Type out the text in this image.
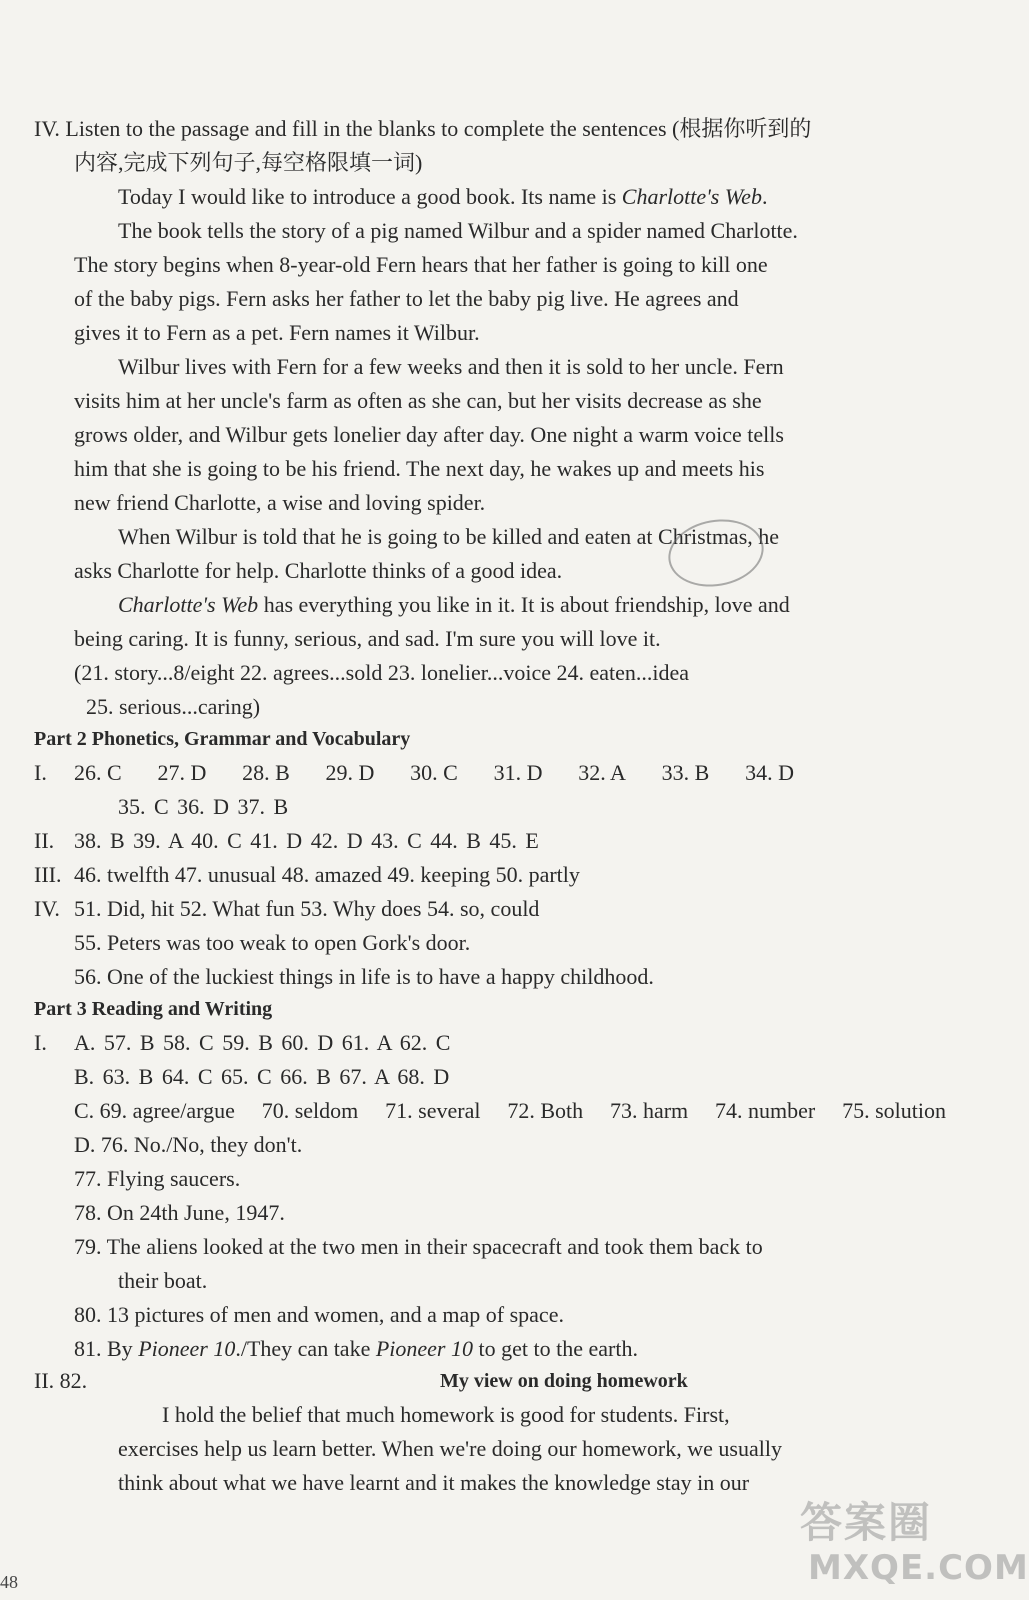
IV. Listen to the passage and fill in the blanks to complete the sentences (根据你听到的
内容,完成下列句子,每空格限填一词)
Today I would like to introduce a good book. Its name is Charlotte's Web.
The book tells the story of a pig named Wilbur and a spider named Charlotte.
The story begins when 8-year-old Fern hears that her father is going to kill one
of the baby pigs. Fern asks her father to let the baby pig live. He agrees and
gives it to Fern as a pet. Fern names it Wilbur.
Wilbur lives with Fern for a few weeks and then it is sold to her uncle. Fern
visits him at her uncle's farm as often as she can, but her visits decrease as she
grows older, and Wilbur gets lonelier day after day. One night a warm voice tells
him that she is going to be his friend. The next day, he wakes up and meets his
new friend Charlotte, a wise and loving spider.
When Wilbur is told that he is going to be killed and eaten at Christmas, he
asks Charlotte for help. Charlotte thinks of a good idea.
Charlotte's Web has everything you like in it. It is about friendship, love and
being caring. It is funny, serious, and sad. I'm sure you will love it.
(21. story...8/eight 22. agrees...sold 23. lonelier...voice 24. eaten...idea
25. serious...caring)
Part 2 Phonetics, Grammar and Vocabulary
I. 26. C 27. D 28. B 29. D 30. C 31. D 32. A 33. B 34. D
35. C 36. D 37. B
II. 38. B 39. A 40. C 41. D 42. D 43. C 44. B 45. E
III. 46. twelfth 47. unusual 48. amazed 49. keeping 50. partly
IV. 51. Did, hit 52. What fun 53. Why does 54. so, could
55. Peters was too weak to open Gork's door.
56. One of the luckiest things in life is to have a happy childhood.
Part 3 Reading and Writing
I. A. 57. B 58. C 59. B 60. D 61. A 62. C
B. 63. B 64. C 65. C 66. B 67. A 68. D
C. 69. agree/argue 70. seldom 71. several 72. Both 73. harm 74. number 75. solution
D. 76. No./No, they don't.
77. Flying saucers.
78. On 24th June, 1947.
79. The aliens looked at the two men in their spacecraft and took them back to
their boat.
80. 13 pictures of men and women, and a map of space.
81. By Pioneer 10./They can take Pioneer 10 to get to the earth.
II. 82.	My view on doing homework
I hold the belief that much homework is good for students. First,
exercises help us learn better. When we're doing our homework, we usually
think about what we have learnt and it makes the knowledge stay in our
48
答案圈
MXQE.COM
